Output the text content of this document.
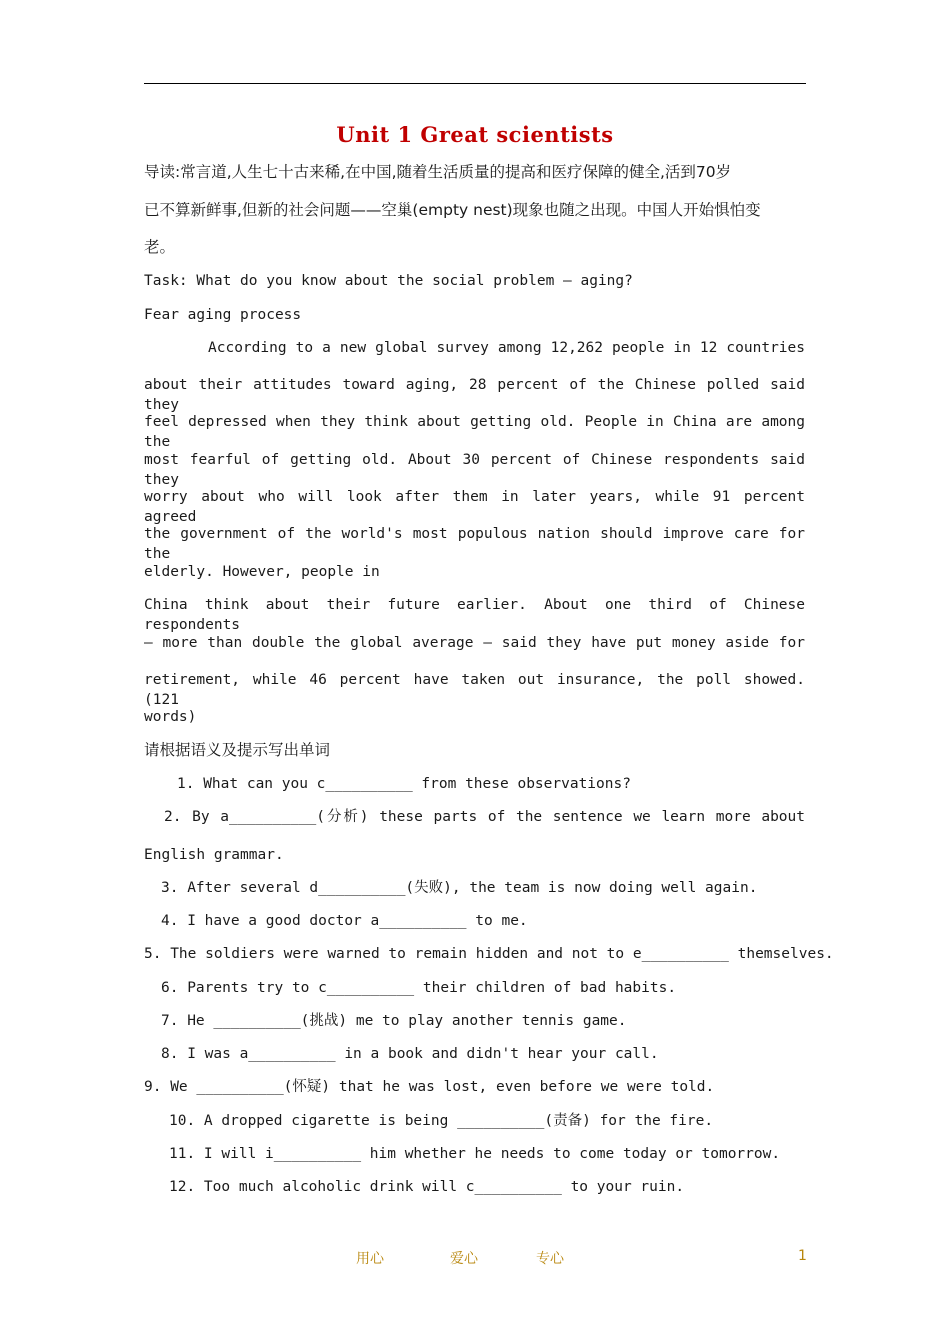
Unit 1 Great scientists
导读:常言道,人生七十古来稀,在中国,随着生活质量的提高和医疗保障的健全,活到70岁
已不算新鲜事,但新的社会问题——空巢(empty nest)现象也随之出现。中国人开始惧怕变
老。
Task: What do you know about the social problem — aging?
Fear aging process
According to a new global survey among 12,262 people in 12 countries
about their attitudes toward aging, 28 percent of the Chinese polled said they
feel depressed when they think about getting old. People in China are among the
most fearful of getting old. About 30 percent of Chinese respondents said they
worry about who will look after them in later years, while 91 percent agreed
the government of the world's most populous nation should improve care for the
elderly. However, people in
China think about their future earlier. About one third of Chinese respondents
— more than double the global average — said they have put money aside for
retirement, while 46 percent have taken out insurance, the poll showed. (121
words)
请根据语义及提示写出单词
1. What can you c__________ from these observations?
2. By a__________(分析) these parts of the sentence we learn more about
English grammar.
3. After several d__________(失败), the team is now doing well again.
4. I have a good doctor a__________ to me.
5. The soldiers were warned to remain hidden and not to e__________ themselves.
6. Parents try to c__________ their children of bad habits.
7. He __________(挑战) me to play another tennis game.
8. I was a__________ in a book and didn't hear your call.
9. We __________(怀疑) that he was lost, even before we were told.
10. A dropped cigarette is being __________(责备) for the fire.
11. I will i__________ him whether he needs to come today or tomorrow.
12. Too much alcoholic drink will c__________ to your ruin.
用心	爱心	专心	1
